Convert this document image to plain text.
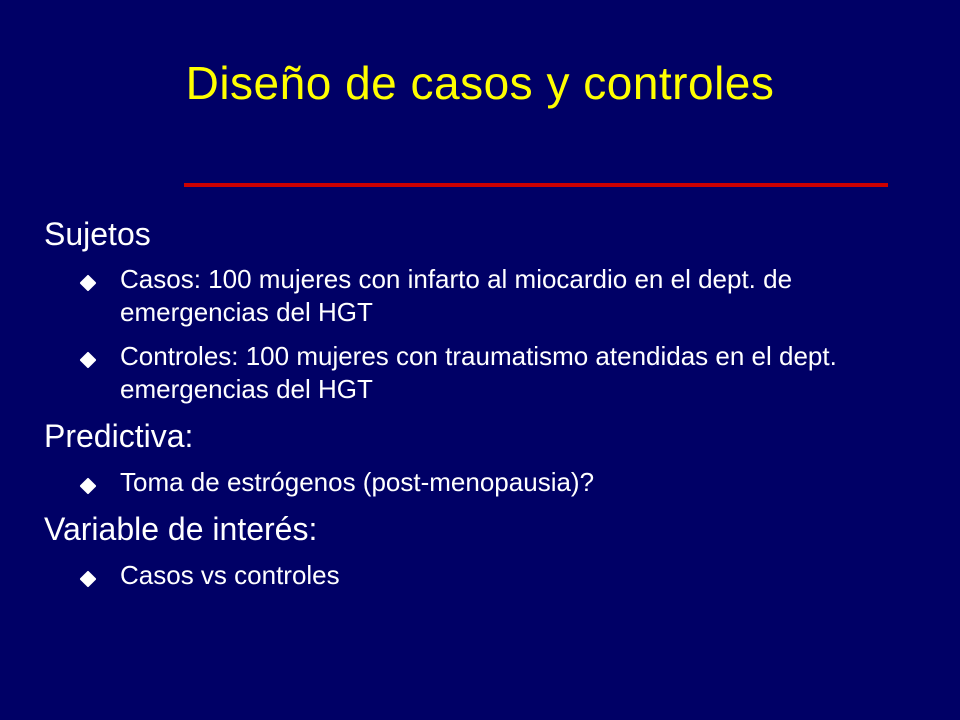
Diseño de casos y controles
Sujetos
Casos: 100 mujeres con infarto al miocardio en el dept. de emergencias del HGT
Controles: 100 mujeres con traumatismo atendidas en el dept. emergencias del HGT
Predictiva:
Toma de estrógenos (post-menopausia)?
Variable de interés:
Casos vs controles
